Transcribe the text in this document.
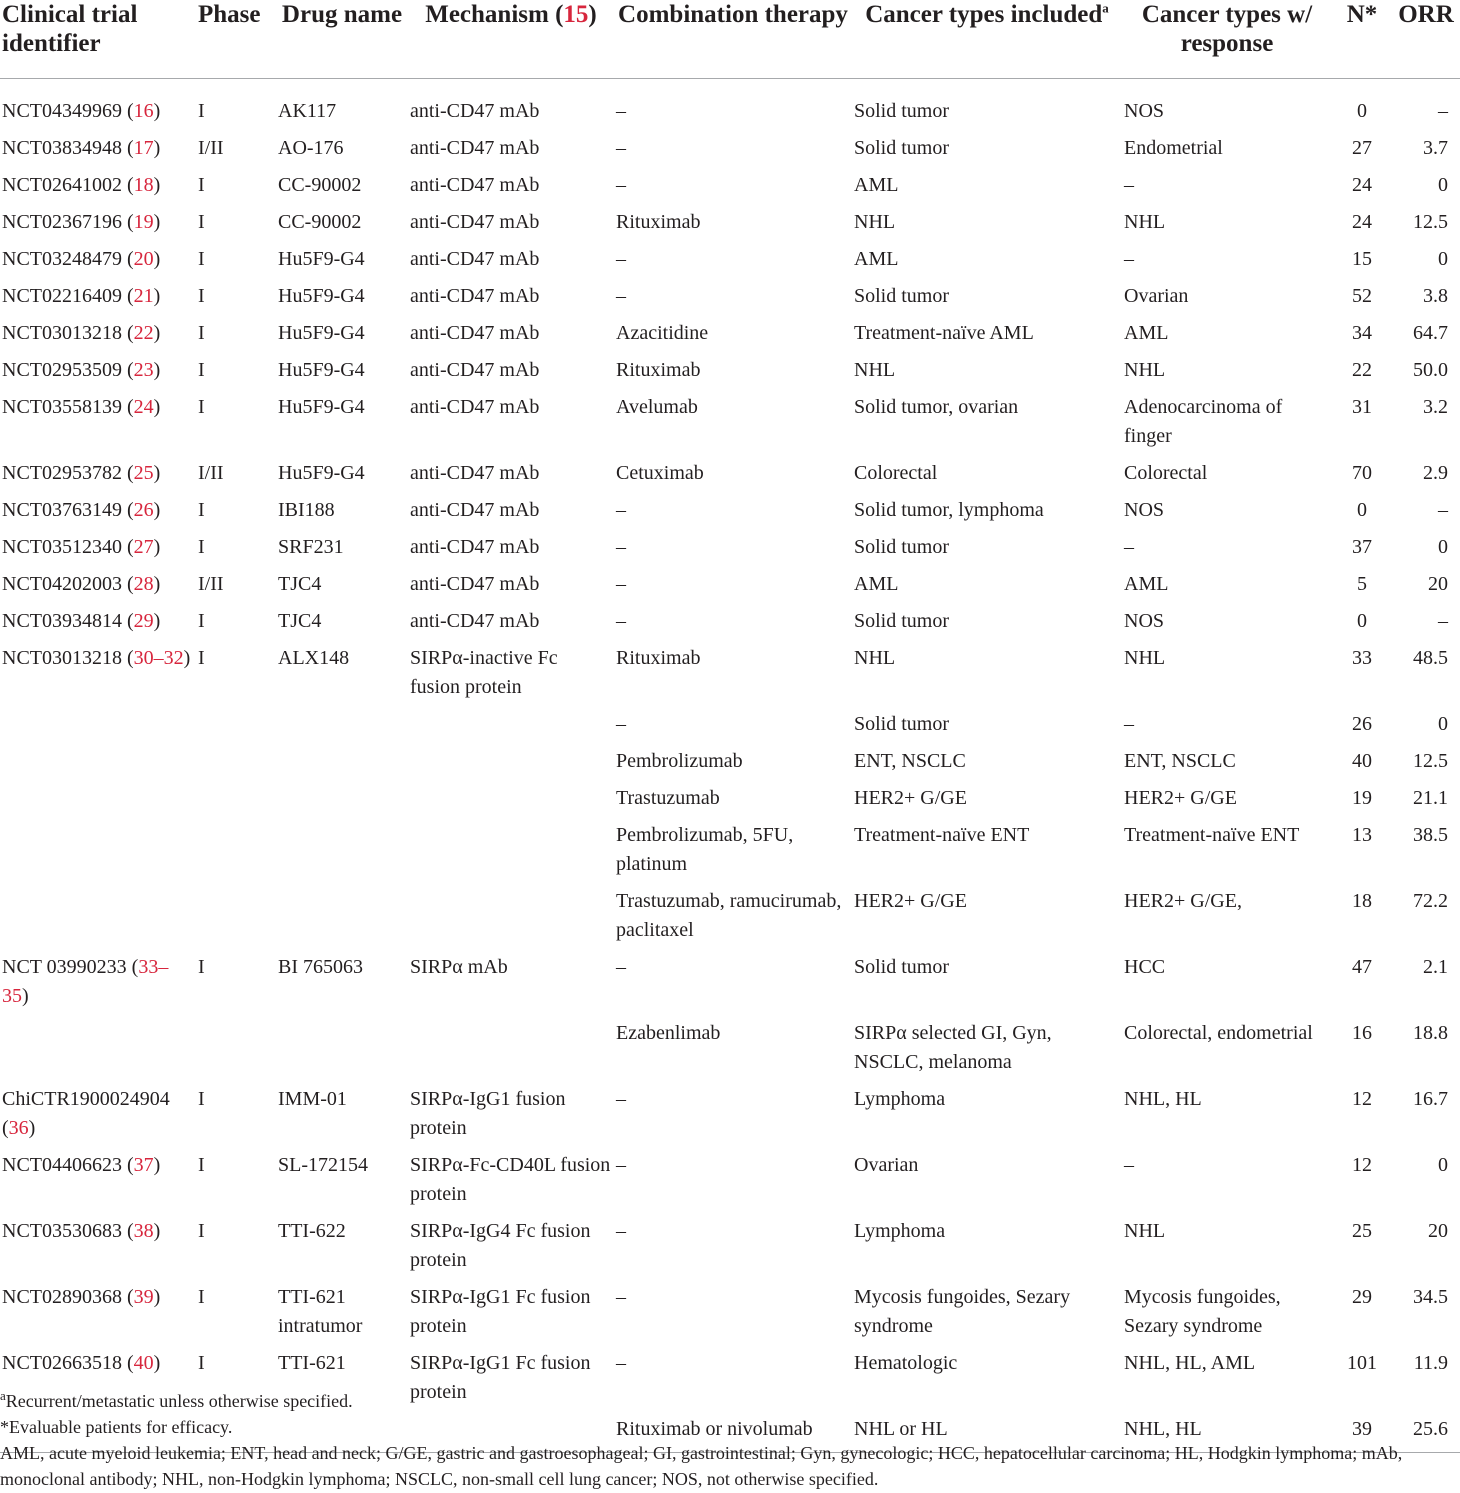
Clinical trial identifier	Phase	Drug name	Mechanism (15)	Combination therapy	Cancer types included$^a$	Cancer types w/ response	N*	ORR

NCT04349969 (16)	I	AK117	anti-CD47 mAb	–	Solid tumor	NOS	0	–
NCT03834948 (17)	I/II	AO-176	anti-CD47 mAb	–	Solid tumor	Endometrial	27	3.7
NCT02641002 (18)	I	CC-90002	anti-CD47 mAb	–	AML	–	24	0
NCT02367196 (19)	I	CC-90002	anti-CD47 mAb	Rituximab	NHL	NHL	24	12.5
NCT03248479 (20)	I	Hu5F9-G4	anti-CD47 mAb	–	AML	–	15	0
NCT02216409 (21)	I	Hu5F9-G4	anti-CD47 mAb	–	Solid tumor	Ovarian	52	3.8
NCT03013218 (22)	I	Hu5F9-G4	anti-CD47 mAb	Azacitidine	Treatment-naïve AML	AML	34	64.7
NCT02953509 (23)	I	Hu5F9-G4	anti-CD47 mAb	Rituximab	NHL	NHL	22	50.0
NCT03558139 (24)	I	Hu5F9-G4	anti-CD47 mAb	Avelumab	Solid tumor, ovarian	Adenocarcinoma of finger	31	3.2
NCT02953782 (25)	I/II	Hu5F9-G4	anti-CD47 mAb	Cetuximab	Colorectal	Colorectal	70	2.9
NCT03763149 (26)	I	IBI188	anti-CD47 mAb	–	Solid tumor, lymphoma	NOS	0	–
NCT03512340 (27)	I	SRF231	anti-CD47 mAb	–	Solid tumor	–	37	0
NCT04202003 (28)	I/II	TJC4	anti-CD47 mAb	–	AML	AML	5	20
NCT03934814 (29)	I	TJC4	anti-CD47 mAb	–	Solid tumor	NOS	0	–
NCT03013218 (30–32)	I	ALX148	SIRPα-inactive Fc fusion protein	Rituximab	NHL	NHL	33	48.5
				–	Solid tumor	–	26	0
				Pembrolizumab	ENT, NSCLC	ENT, NSCLC	40	12.5
				Trastuzumab	HER2+ G/GE	HER2+ G/GE	19	21.1
				Pembrolizumab, 5FU, platinum	Treatment-naïve ENT	Treatment-naïve ENT	13	38.5
				Trastuzumab, ramucirumab, paclitaxel	HER2+ G/GE	HER2+ G/GE,	18	72.2
NCT 03990233 (33–35)	I	BI 765063	SIRPα mAb	–	Solid tumor	HCC	47	2.1
				Ezabenlimab	SIRPα selected GI, Gyn, NSCLC, melanoma	Colorectal, endometrial	16	18.8
ChiCTR1900024904 (36)	I	IMM-01	SIRPα-IgG1 fusion protein	–	Lymphoma	NHL, HL	12	16.7
NCT04406623 (37)	I	SL-172154	SIRPα-Fc-CD40L fusion protein	–	Ovarian	–	12	0
NCT03530683 (38)	I	TTI-622	SIRPα-IgG4 Fc fusion protein	–	Lymphoma	NHL	25	20
NCT02890368 (39)	I	TTI-621 intratumor	SIRPα-IgG1 Fc fusion protein	–	Mycosis fungoides, Sezary syndrome	Mycosis fungoides, Sezary syndrome	29	34.5
NCT02663518 (40)	I	TTI-621	SIRPα-IgG1 Fc fusion protein	–	Hematologic	NHL, HL, AML	101	11.9
				Rituximab or nivolumab	NHL or HL	NHL, HL	39	25.6
$^a$Recurrent/metastatic unless otherwise specified.
*Evaluable patients for efficacy.
AML, acute myeloid leukemia; ENT, head and neck; G/GE, gastric and gastroesophageal; GI, gastrointestinal; Gyn, gynecologic; HCC, hepatocellular carcinoma; HL, Hodgkin lymphoma; mAb, monoclonal antibody; NHL, non-Hodgkin lymphoma; NSCLC, non-small cell lung cancer; NOS, not otherwise specified.
